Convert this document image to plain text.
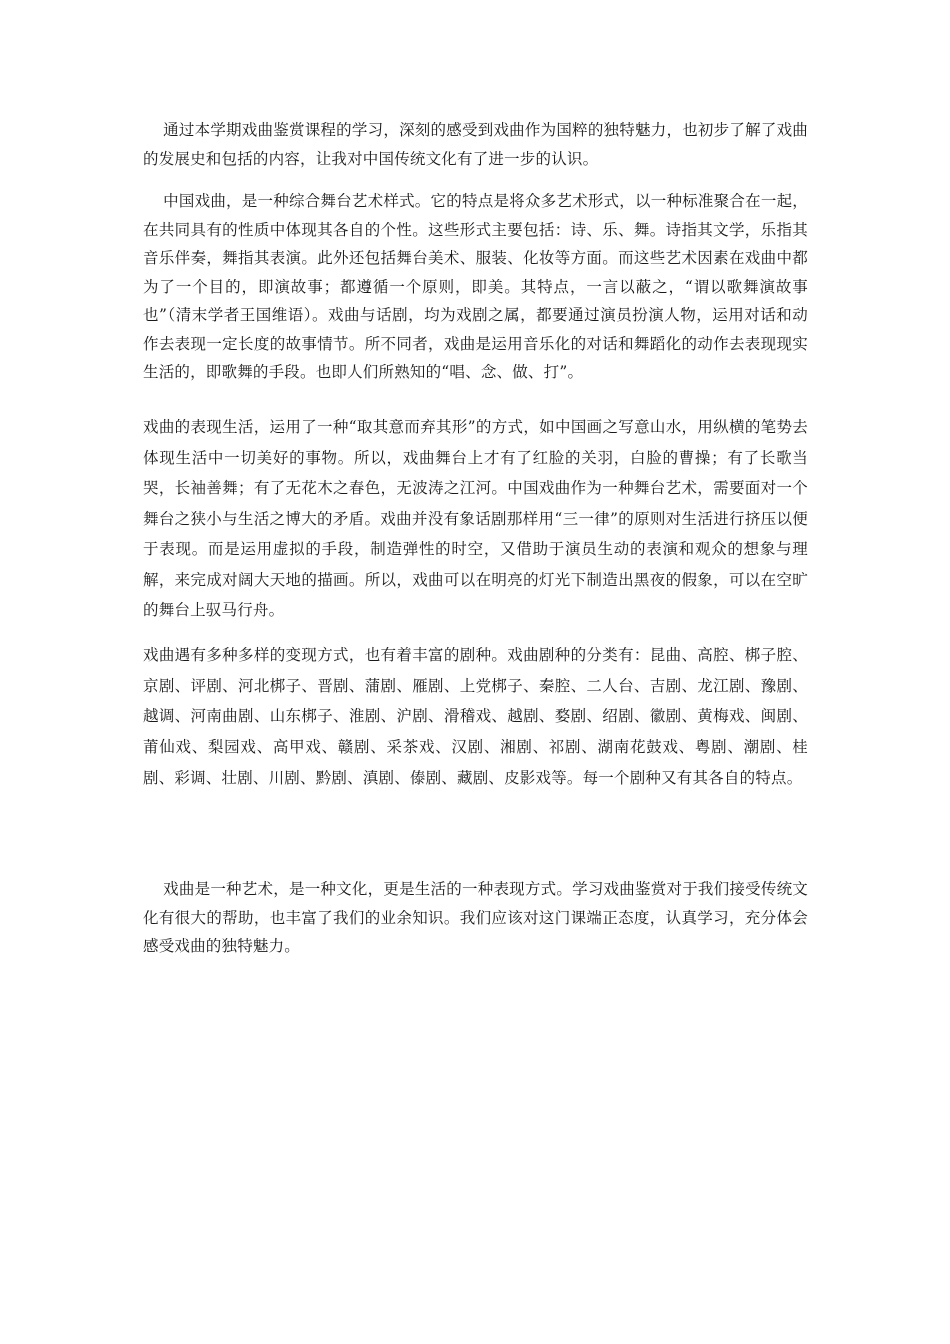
通过本学期戏曲鉴赏课程的学习，深刻的感受到戏曲作为国粹的独特魅力，也初步了解了戏曲的发展史和包括的内容，让我对中国传统文化有了进一步的认识。

中国戏曲，是一种综合舞台艺术样式。它的特点是将众多艺术形式，以一种标准聚合在一起，在共同具有的性质中体现其各自的个性。这些形式主要包括：诗、乐、舞。诗指其文学，乐指其音乐伴奏，舞指其表演。此外还包括舞台美术、服装、化妆等方面。而这些艺术因素在戏曲中都为了一个目的，即演故事；都遵循一个原则，即美。其特点，一言以蔽之，“谓以歌舞演故事也”（清末学者王国维语）。戏曲与话剧，均为戏剧之属，都要通过演员扮演人物，运用对话和动作去表现一定长度的故事情节。所不同者，戏曲是运用音乐化的对话和舞蹈化的动作去表现现实生活的，即歌舞的手段。也即人们所熟知的“唱、念、做、打”。

戏曲的表现生活，运用了一种“取其意而弃其形”的方式，如中国画之写意山水，用纵横的笔势去体现生活中一切美好的事物。所以，戏曲舞台上才有了红脸的关羽，白脸的曹操；有了长歌当哭，长袖善舞；有了无花木之春色，无波涛之江河。中国戏曲作为一种舞台艺术，需要面对一个舞台之狭小与生活之博大的矛盾。戏曲并没有象话剧那样用“三一律”的原则对生活进行挤压以便于表现。而是运用虚拟的手段，制造弹性的时空，又借助于演员生动的表演和观众的想象与理解，来完成对阔大天地的描画。所以，戏曲可以在明亮的灯光下制造出黑夜的假象，可以在空旷的舞台上驭马行舟。

戏曲遇有多种多样的变现方式，也有着丰富的剧种。戏曲剧种的分类有：昆曲、高腔、梆子腔、京剧、评剧、河北梆子、晋剧、蒲剧、雁剧、上党梆子、秦腔、二人台、吉剧、龙江剧、豫剧、越调、河南曲剧、山东梆子、淮剧、沪剧、滑稽戏、越剧、婺剧、绍剧、徽剧、黄梅戏、闽剧、莆仙戏、梨园戏、高甲戏、赣剧、采茶戏、汉剧、湘剧、祁剧、湖南花鼓戏、粤剧、潮剧、桂剧、彩调、壮剧、川剧、黔剧、滇剧、傣剧、藏剧、皮影戏等。每一个剧种又有其各自的特点。

戏曲是一种艺术，是一种文化，更是生活的一种表现方式。学习戏曲鉴赏对于我们接受传统文化有很大的帮助，也丰富了我们的业余知识。我们应该对这门课端正态度，认真学习，充分体会感受戏曲的独特魅力。
